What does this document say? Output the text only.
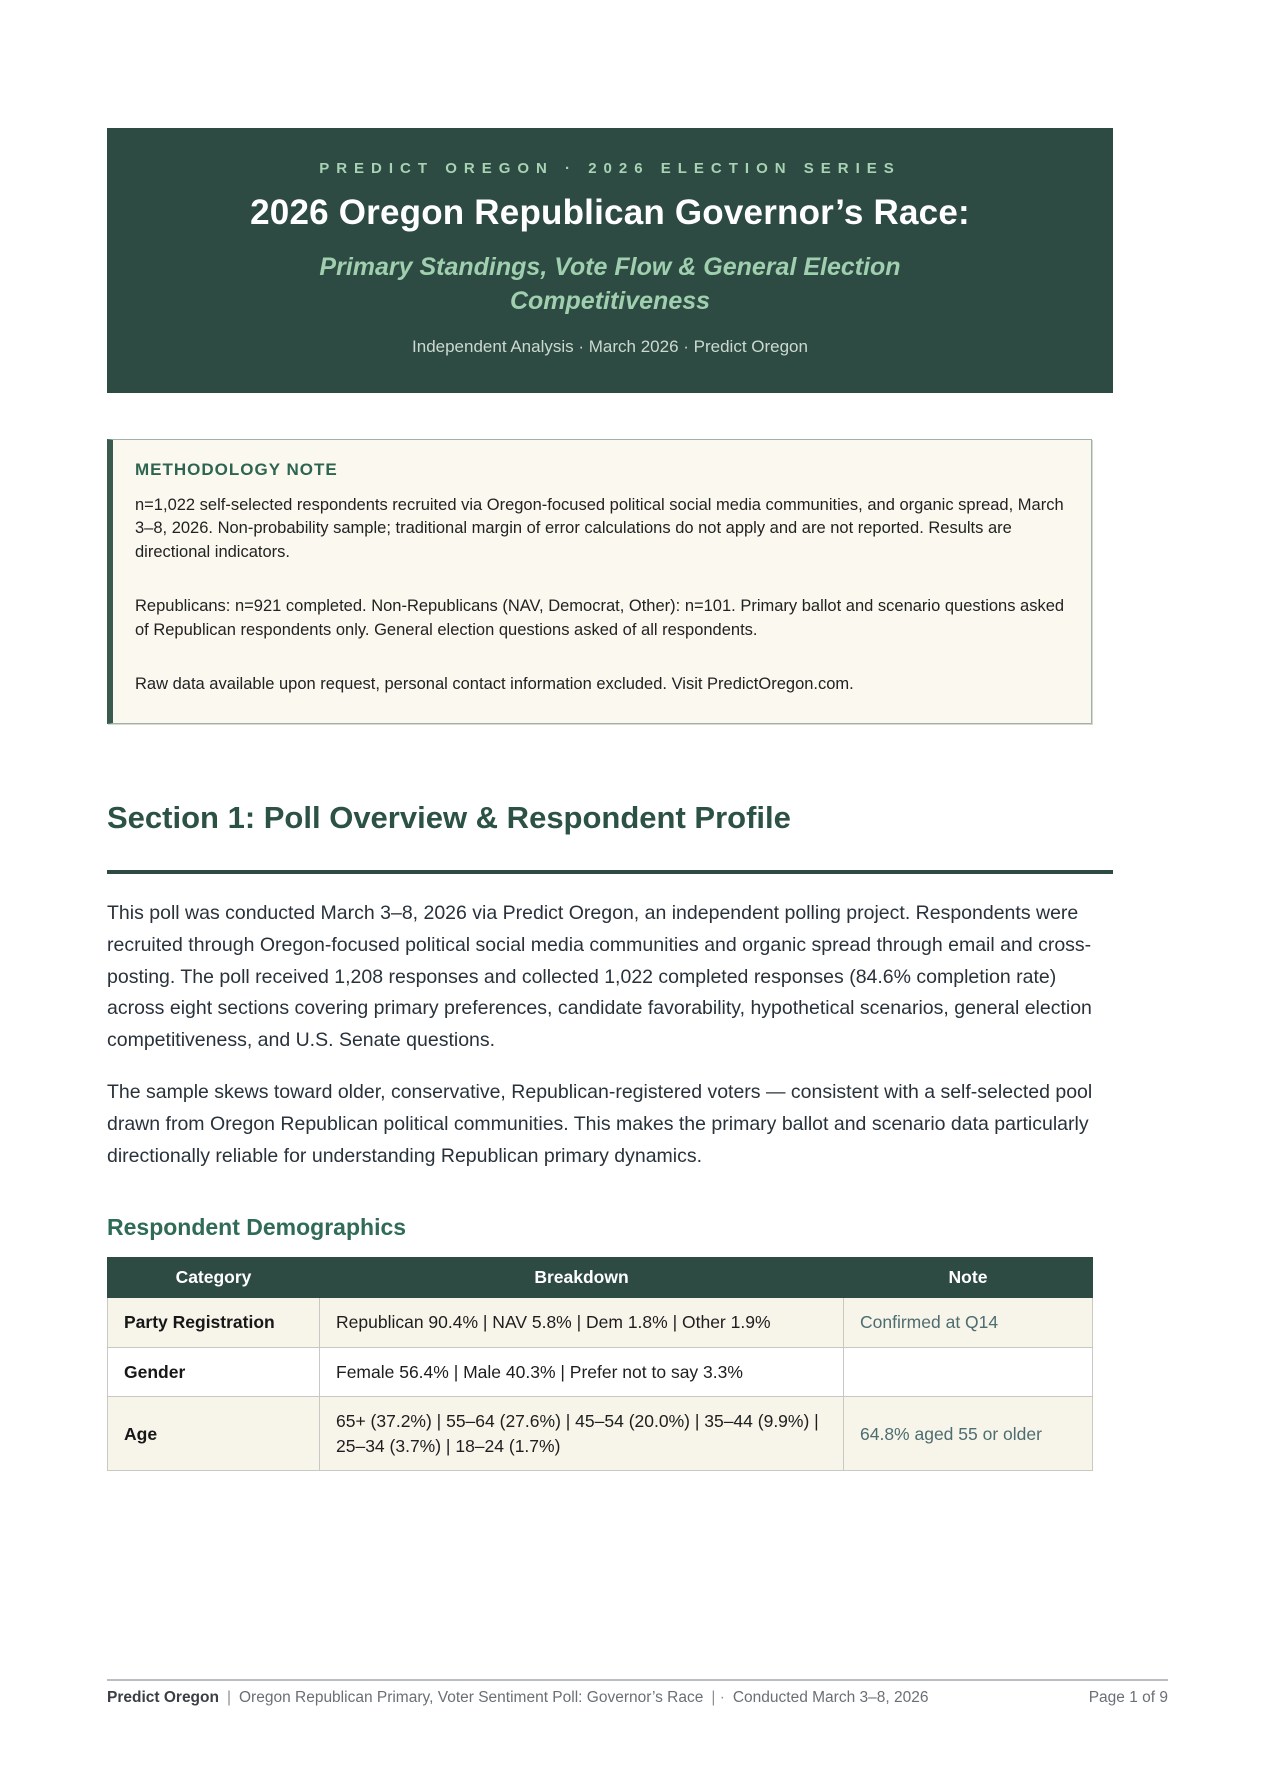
PREDICT OREGON · 2026 ELECTION SERIES
2026 Oregon Republican Governor’s Race:
Primary Standings, Vote Flow & General Election Competitiveness
Independent Analysis · March 2026 · Predict Oregon
METHODOLOGY NOTE

n=1,022 self-selected respondents recruited via Oregon-focused political social media communities, and organic spread, March 3–8, 2026. Non-probability sample; traditional margin of error calculations do not apply and are not reported. Results are directional indicators.

Republicans: n=921 completed. Non-Republicans (NAV, Democrat, Other): n=101. Primary ballot and scenario questions asked of Republican respondents only. General election questions asked of all respondents.

Raw data available upon request, personal contact information excluded. Visit PredictOregon.com.

Section 1: Poll Overview & Respondent Profile

This poll was conducted March 3–8, 2026 via Predict Oregon, an independent polling project. Respondents were recruited through Oregon-focused political social media communities and organic spread through email and cross-posting. The poll received 1,208 responses and collected 1,022 completed responses (84.6% completion rate) across eight sections covering primary preferences, candidate favorability, hypothetical scenarios, general election competitiveness, and U.S. Senate questions.

The sample skews toward older, conservative, Republican-registered voters — consistent with a self-selected pool drawn from Oregon Republican political communities. This makes the primary ballot and scenario data particularly directionally reliable for understanding Republican primary dynamics.

Respondent Demographics
Category	Breakdown	Note
Party Registration	Republican 90.4% | NAV 5.8% | Dem 1.8% | Other 1.9%	Confirmed at Q14
Gender	Female 56.4% | Male 40.3% | Prefer not to say 3.3%	
Age	65+ (37.2%) | 55–64 (27.6%) | 45–54 (20.0%) | 35–44 (9.9%) | 25–34 (3.7%) | 18–24 (1.7%)	64.8% aged 55 or older
Predict Oregon | Oregon Republican Primary, Voter Sentiment Poll: Governor’s Race | · Conducted March 3–8, 2026	Page 1 of 9
